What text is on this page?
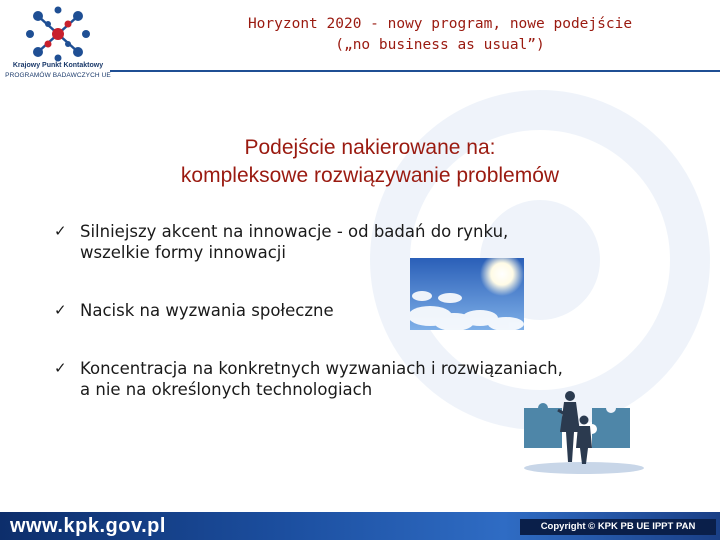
Krajowy Punkt Kontaktowy
PROGRAMÓW BADAWCZYCH UE
Horyzont 2020 - nowy program, nowe podejście
(„no business as usual”)
Podejście nakierowane na:
kompleksowe rozwiązywanie problemów
✓ Silniejszy akcent na innowacje - od badań do rynku,
wszelkie formy innowacji
✓ Nacisk na wyzwania społeczne
✓ Koncentracja na konkretnych wyzwaniach i rozwiązaniach,
a nie na określonych technologiach
www.kpk.gov.pl	Copyright © KPK PB UE IPPT PAN
